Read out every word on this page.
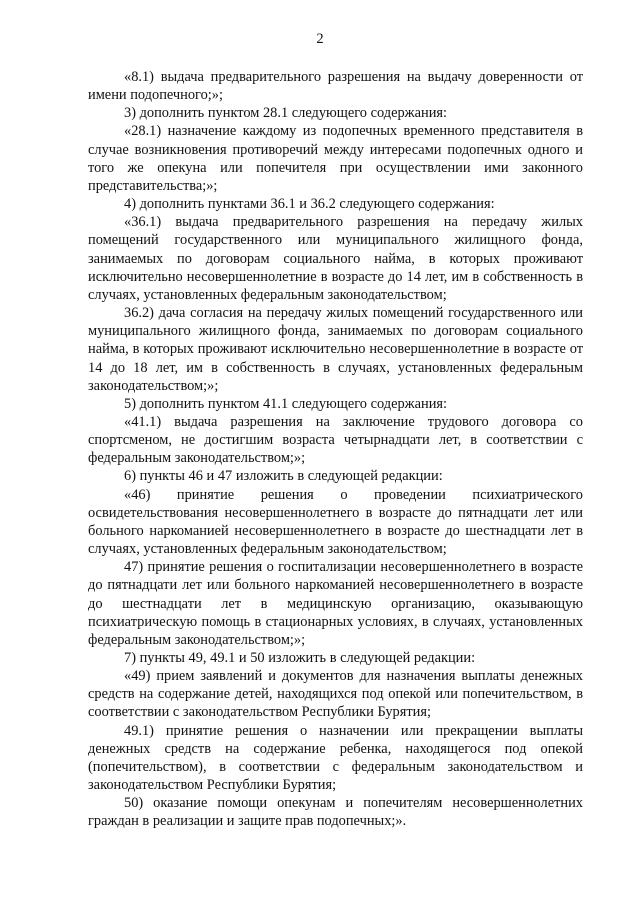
2

«8.1) выдача предварительного разрешения на выдачу доверенности от имени подопечного;»;

3) дополнить пунктом 28.1 следующего содержания:

«28.1) назначение каждому из подопечных временного представителя в случае возникновения противоречий между интересами подопечных одного и того же опекуна или попечителя при осуществлении ими законного представительства;»;

4) дополнить пунктами 36.1 и 36.2 следующего содержания:

«36.1) выдача предварительного разрешения на передачу жилых помещений государственного или муниципального жилищного фонда, занимаемых по договорам социального найма, в которых проживают исключительно несовершеннолетние в возрасте до 14 лет, им в собственность в случаях, установленных федеральным законодательством;

36.2) дача согласия на передачу жилых помещений государственного или муниципального жилищного фонда, занимаемых по договорам социального найма, в которых проживают исключительно несовершеннолетние в возрасте от 14 до 18 лет, им в собственность в случаях, установленных федеральным законодательством;»;

5) дополнить пунктом 41.1 следующего содержания:

«41.1) выдача разрешения на заключение трудового договора со спортсменом, не достигшим возраста четырнадцати лет, в соответствии с федеральным законодательством;»;

6) пункты 46 и 47 изложить в следующей редакции:

«46) принятие решения о проведении психиатрического освидетельствования несовершеннолетнего в возрасте до пятнадцати лет или больного наркоманией несовершеннолетнего в возрасте до шестнадцати лет в случаях, установленных федеральным законодательством;

47) принятие решения о госпитализации несовершеннолетнего в возрасте до пятнадцати лет или больного наркоманией несовершеннолетнего в возрасте до шестнадцати лет в медицинскую организацию, оказывающую психиатрическую помощь в стационарных условиях, в случаях, установленных федеральным законодательством;»;

7) пункты 49, 49.1 и 50 изложить в следующей редакции:

«49) прием заявлений и документов для назначения выплаты денежных средств на содержание детей, находящихся под опекой или попечительством, в соответствии с законодательством Республики Бурятия;

49.1) принятие решения о назначении или прекращении выплаты денежных средств на содержание ребенка, находящегося под опекой (попечительством), в соответствии с федеральным законодательством и законодательством Республики Бурятия;

50) оказание помощи опекунам и попечителям несовершеннолетних граждан в реализации и защите прав подопечных;».
